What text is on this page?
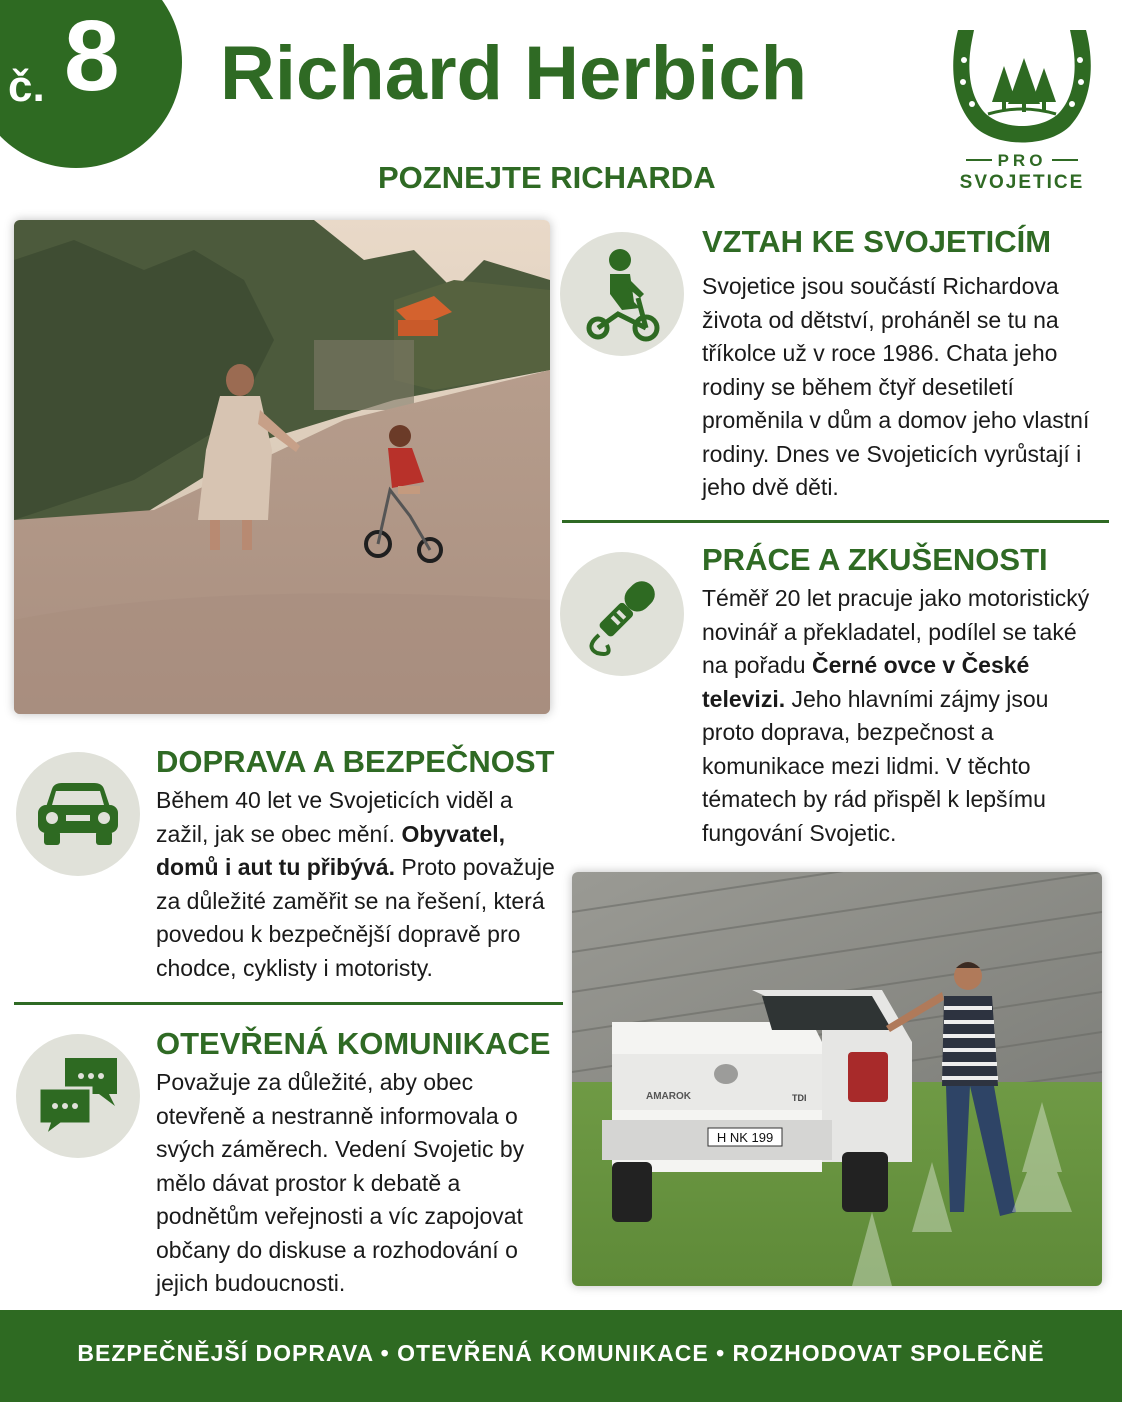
č. 8 Richard Herbich
POZNEJTE RICHARDA	PRO
SVOJETICE
VZTAH KE SVOJETICÍM

Svojetice jsou součástí Richardova života od dětství, proháněl se tu na tříkolce už v roce 1986. Chata jeho rodiny se během čtyř desetiletí proměnila v dům a domov jeho vlastní rodiny. Dnes ve Svojeticích vyrůstají i jeho dvě děti.

PRÁCE A ZKUŠENOSTI

Téměř 20 let pracuje jako motoristický novinář a překladatel, podílel se také na pořadu Černé ovce v České televizi. Jeho hlavními zájmy jsou proto doprava, bezpečnost a komunikace mezi lidmi. V těchto tématech by rád přispěl k lepšímu fungování Svojetic.

DOPRAVA A BEZPEČNOST

Během 40 let ve Svojeticích viděl a zažil, jak se obec mění. Obyvatel, domů i aut tu přibývá. Proto považuje za důležité zaměřit se na řešení, která povedou k bezpečnější dopravě pro chodce, cyklisty i motoristy.

OTEVŘENÁ KOMUNIKACE

Považuje za důležité, aby obec otevřeně a nestranně informovala o svých záměrech. Vedení Svojetic by mělo dávat prostor k debatě a podnětům veřejnosti a víc zapojovat občany do diskuse a rozhodování o jejich budoucnosti.

H NK 199
AMAROK	TDI
BEZPEČNĚJŠÍ DOPRAVA • OTEVŘENÁ KOMUNIKACE • ROZHODOVAT SPOLEČNĚ
